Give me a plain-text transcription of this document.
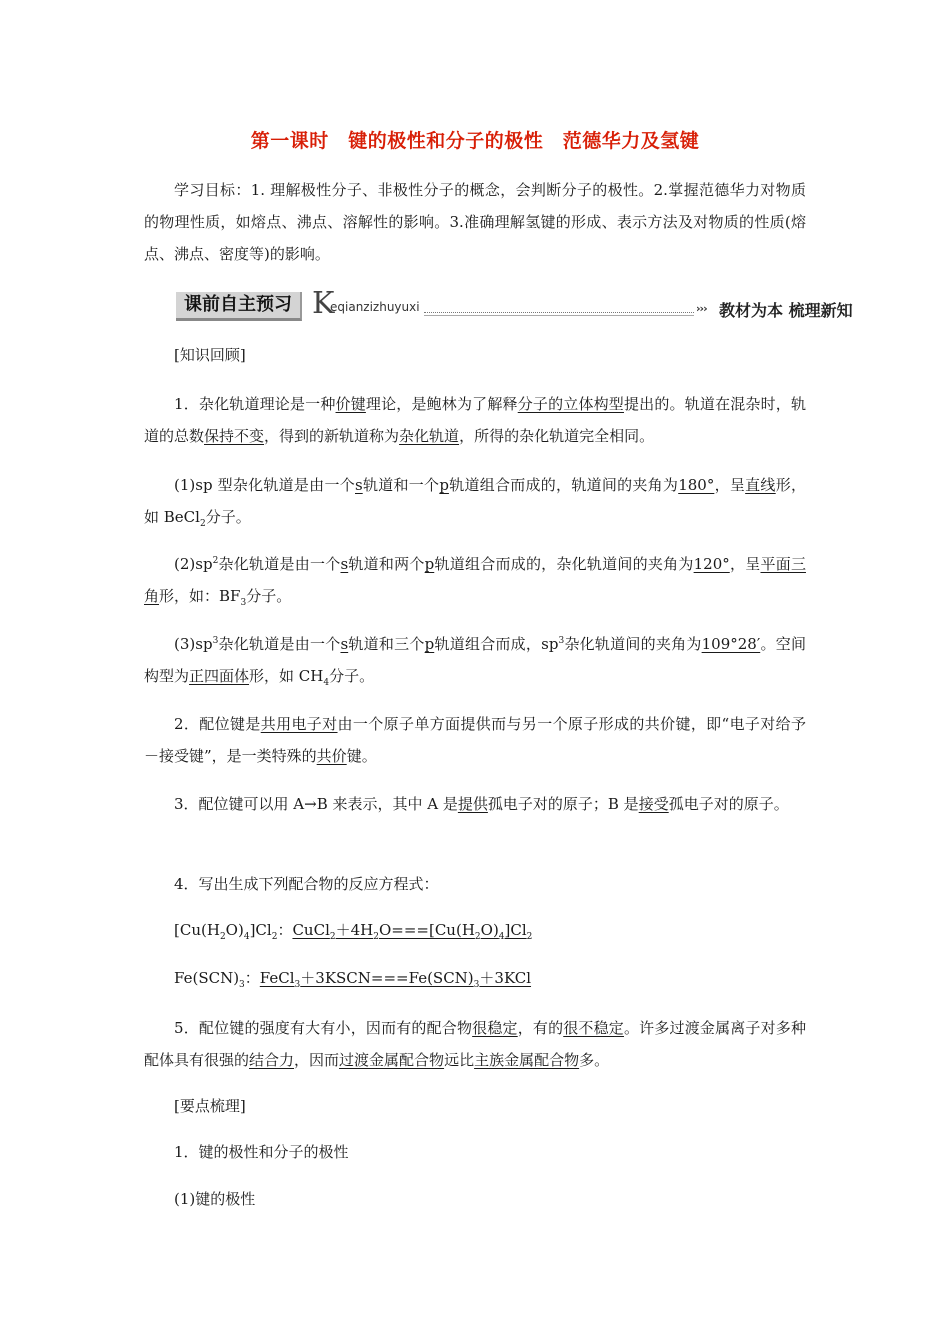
第一课时　键的极性和分子的极性　范德华力及氢键
学习目标：1. 理解极性分子、非极性分子的概念，会判断分子的极性。2.掌握范德华力对物质的物理性质，如熔点、沸点、溶解性的影响。3.准确理解氢键的形成、表示方法及对物质的性质(熔点、沸点、密度等)的影响。
课前自主预习 K
eqianzizhuyuxi	››› 教材为本 梳理新知
[知识回顾]
1．杂化轨道理论是一种价键理论，是鲍林为了解释分子的立体构型提出的。轨道在混杂时，轨道的总数保持不变，得到的新轨道称为杂化轨道，所得的杂化轨道完全相同。
(1)sp 型杂化轨道是由一个s轨道和一个p轨道组合而成的，轨道间的夹角为180°，呈直线形，如 BeCl$_2$分子。
$(2)sp^2$杂化轨道是由一个s轨道和两个p轨道组合而成的，杂化轨道间的夹角为120°，呈平面三角形，如：$BF_3$分子。
$(3)sp^3$杂化轨道是由一个s轨道和三个p轨道组合而成，$sp^3$杂化轨道间的夹角为109°28′。空间构型为正四面体形，如 $CH_4$分子。
2．配位键是共用电子对由一个原子单方面提供而与另一个原子形成的共价键，即“电子对给予－接受键”，是一类特殊的共价键。
3．配位键可以用 A→B 来表示，其中 A 是提供孤电子对的原子；B 是接受孤电子对的原子。
4．写出生成下列配合物的反应方程式：
$[Cu(H_2O)_4]Cl_2$：$CuCl_2+4H_2O===[Cu(H_2O)_4]Cl_2$
$Fe(SCN)_3$：$FeCl_3+3KSCN===Fe(SCN)_3+3KCl$
5．配位键的强度有大有小，因而有的配合物很稳定，有的很不稳定。许多过渡金属离子对多种配体具有很强的结合力，因而过渡金属配合物远比主族金属配合物多。
[要点梳理]
1．键的极性和分子的极性
(1)键的极性
